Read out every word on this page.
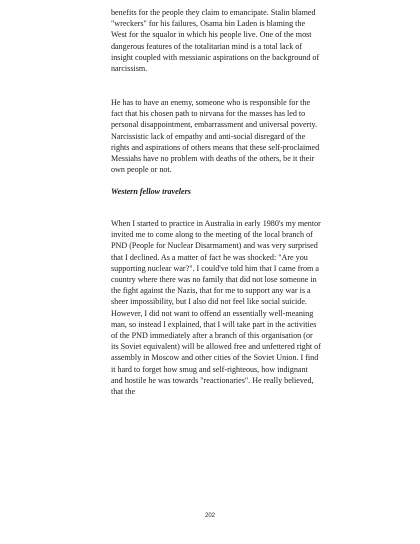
benefits for the people they claim to emancipate. Stalin blamed "wreckers" for his failures, Osama bin Laden is blaming the West for the squalor in which his people live. One of the most dangerous features of the totalitarian mind is a total lack of insight coupled with messianic aspirations on the background of narcissism.

He has to have an enemy, someone who is responsible for the fact that his chosen path to nirvana for the masses has led to personal disappointment, embarrassment and universal poverty. Narcissistic lack of empathy and anti-social disregard of the rights and aspirations of others means that these self-proclaimed Messiahs have no problem with deaths of the others, be it their own people or not.

Western fellow travelers

When I started to practice in Australia in early 1980's my mentor invited me to come along to the meeting of the local branch of PND (People for Nuclear Disarmament) and was very surprised that I declined. As a matter of fact he was shocked: "Are you supporting nuclear war?". I could've told him that I came from a country where there was no family that did not lose someone in the fight against the Nazis, that for me to support any war is a sheer impossibility, but I also did not feel like social suicide. However, I did not want to offend an essentially well-meaning man, so instead I explained, that I will take part in the activities of the PND immediately after a branch of this organisation (or its Soviet equivalent) will be allowed free and unfettered right of assembly in Moscow and other cities of the Soviet Union. I find it hard to forget how smug and self-righteous, how indignant and hostile he was towards "reactionaries". He really believed, that the

202
